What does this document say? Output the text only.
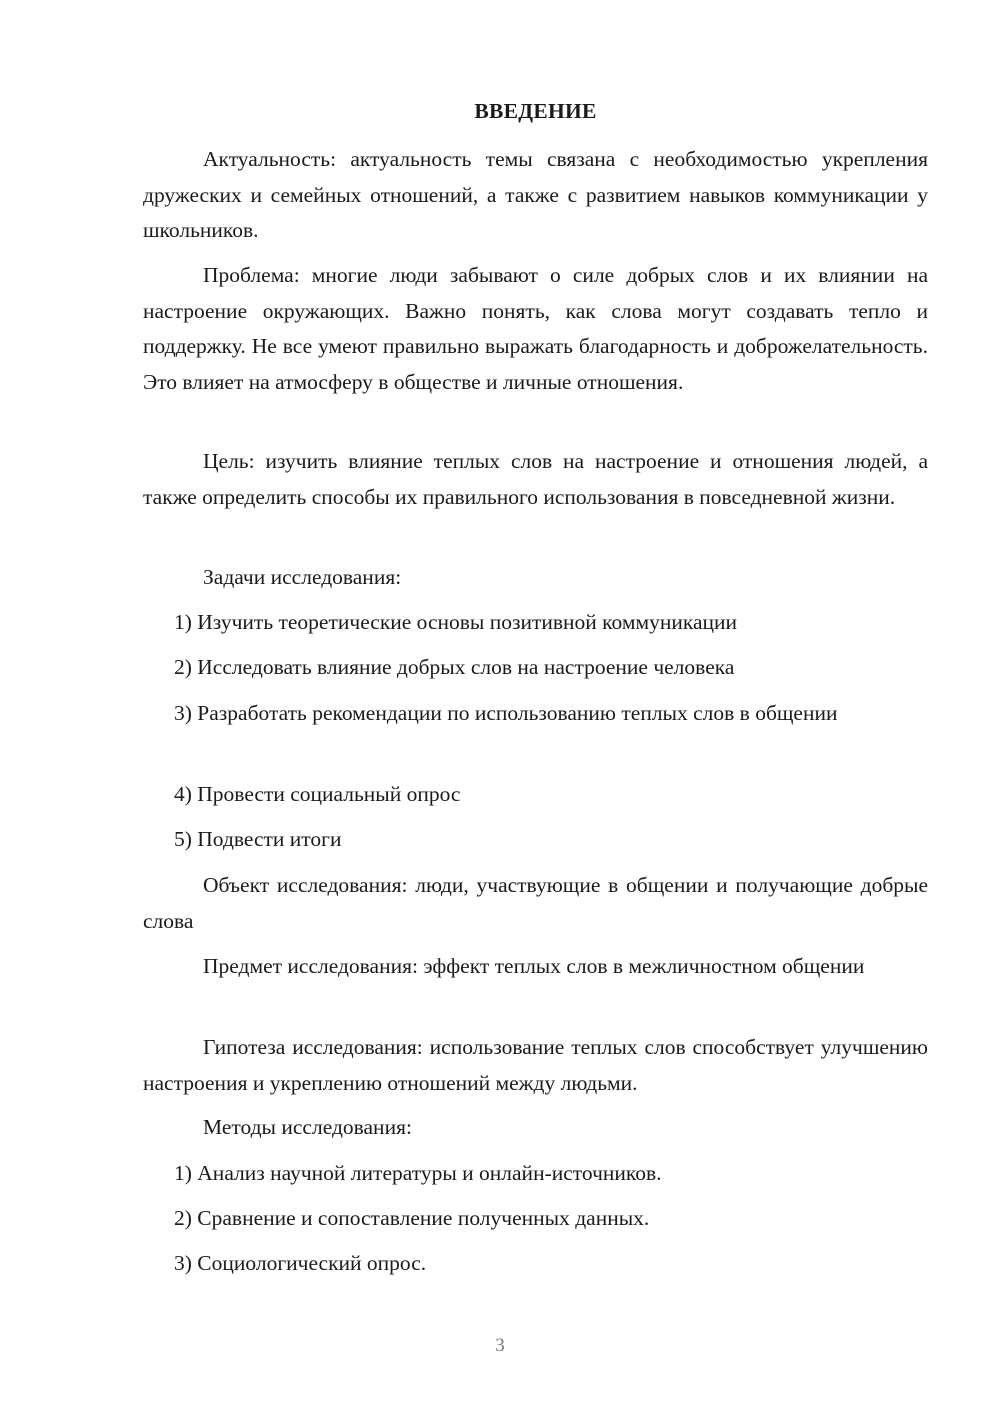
ВВЕДЕНИЕ

Актуальность: актуальность темы связана с необходимостью укрепления дружеских и семейных отношений, а также с развитием навыков коммуникации у школьников.

Проблема: многие люди забывают о силе добрых слов и их влиянии на настроение окружающих. Важно понять, как слова могут создавать тепло и поддержку. Не все умеют правильно выражать благодарность и доброжелательность. Это влияет на атмосферу в обществе и личные отношения.

Цель: изучить влияние теплых слов на настроение и отношения людей, а также определить способы их правильного использования в повседневной жизни.

Задачи исследования:

1) Изучить теоретические основы позитивной коммуникации

2) Исследовать влияние добрых слов на настроение человека

3) Разработать рекомендации по использованию теплых слов в общении

4) Провести социальный опрос

5) Подвести итоги

Объект исследования: люди, участвующие в общении и получающие добрые слова

Предмет исследования: эффект теплых слов в межличностном общении

Гипотеза исследования: использование теплых слов способствует улучшению настроения и укреплению отношений между людьми.

Методы исследования:

1) Анализ научной литературы и онлайн-источников.

2) Сравнение и сопоставление полученных данных.

3) Социологический опрос.

3
